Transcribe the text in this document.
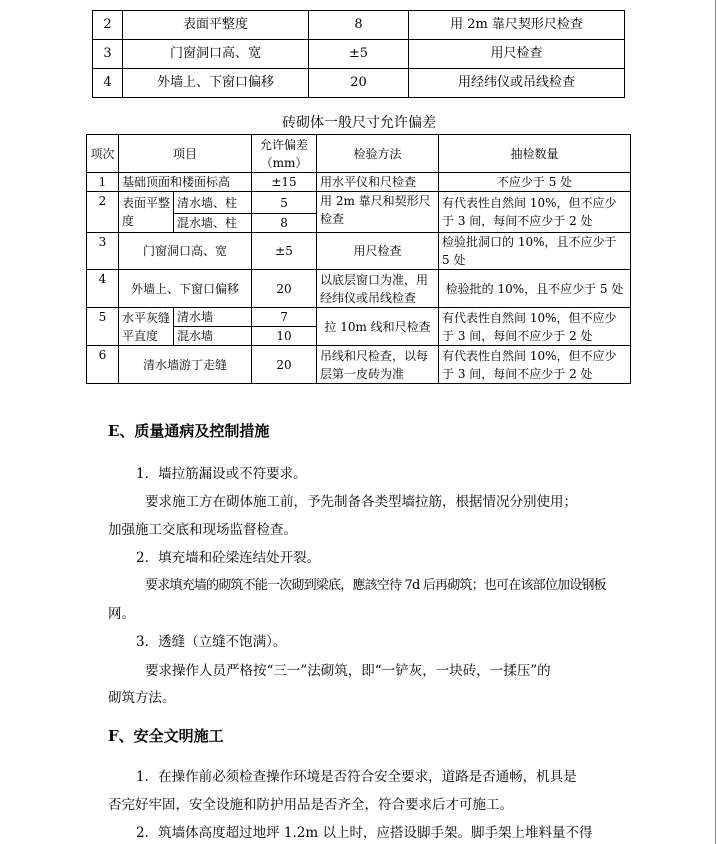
2	表面平整度	8	用 2m 靠尺契形尺检查
3	门窗洞口高、宽	±5	用尺检查
4	外墙上、下窗口偏移	20	用经纬仪或吊线检查
砖砌体一般尺寸允许偏差
项次	项目		允许偏差（mm）	检验方法	抽检数量
1	基础顶面和楼面标高		±15	用水平仪和尺检查	不应少于 5 处
2	表面平整度	清水墙、柱	5	用 2m 靠尺和契形尺检查	有代表性自然间 10%，但不应少于 3 间，每间不应少于 2 处
		混水墙、柱	8		
3	门窗洞口高、宽		±5	用尺检查	检验批洞口的 10%，且不应少于 5 处
4	外墙上、下窗口偏移		20	以底层窗口为准，用经纬仪或吊线检查	检验批的 10%，且不应少于 5 处
5	水平灰缝平直度	清水墙	7	拉 10m 线和尺检查	有代表性自然间 10%，但不应少于 3 间，每间不应少于 2 处
		混水墙	10		
6	清水墙游丁走缝		20	吊线和尺检查，以每层第一皮砖为准	有代表性自然间 10%，但不应少于 3 间，每间不应少于 2 处
E、质量通病及控制措施
1．墙拉筋漏设或不符要求。
要求施工方在砌体施工前，予先制备各类型墙拉筋，根据情况分别使用；
加强施工交底和现场监督检查。
2．填充墙和砼梁连结处开裂。
要求填充墙的砌筑不能一次砌到梁底，應該空待 7d 后再砌筑；也可在该部位加设钢板
网。
3．透缝（立缝不饱满）。
要求操作人员严格按“三一”法砌筑，即“一铲灰，一块砖，一揉压”的
砌筑方法。
F、安全文明施工
1．在操作前必须检查操作环境是否符合安全要求，道路是否通畅，机具是
否完好牢固，安全设施和防护用品是否齐全，符合要求后才可施工。
2．筑墙体高度超过地坪 1.2m 以上时，应搭设脚手架。脚手架上堆料量不得
